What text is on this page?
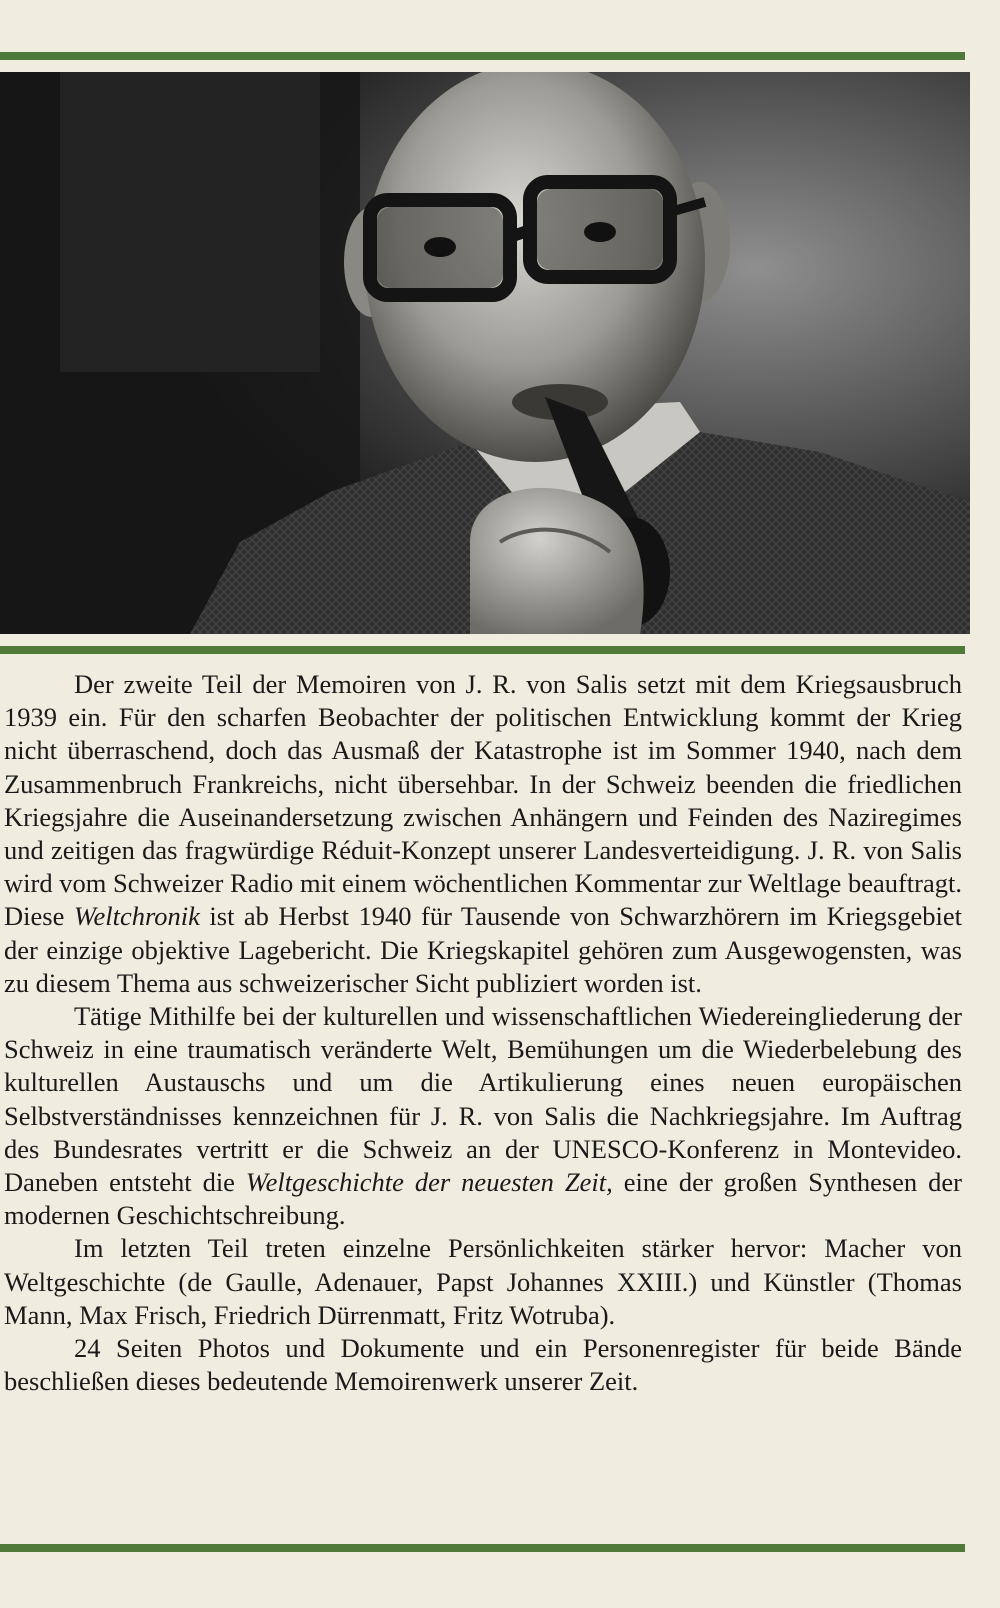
Der zweite Teil der Memoiren von J. R. von Salis setzt mit dem Kriegsausbruch 1939 ein. Für den scharfen Beobachter der politischen Entwicklung kommt der Krieg nicht überraschend, doch das Ausmaß der Katastrophe ist im Sommer 1940, nach dem Zusammenbruch Frankreichs, nicht übersehbar. In der Schweiz beenden die friedlichen Kriegsjahre die Auseinandersetzung zwischen Anhängern und Feinden des Naziregimes und zeitigen das fragwürdige Réduit-Konzept unserer Landesverteidigung. J. R. von Salis wird vom Schweizer Radio mit einem wöchentlichen Kommentar zur Weltlage beauftragt. Diese Weltchronik ist ab Herbst 1940 für Tausende von Schwarzhörern im Kriegsgebiet der einzige objektive Lagebericht. Die Kriegskapitel gehören zum Ausgewogensten, was zu diesem Thema aus schweizerischer Sicht publiziert worden ist.

Tätige Mithilfe bei der kulturellen und wissenschaftlichen Wiedereingliederung der Schweiz in eine traumatisch veränderte Welt, Bemühungen um die Wiederbelebung des kulturellen Austauschs und um die Artikulierung eines neuen europäischen Selbstverständnisses kennzeichnen für J. R. von Salis die Nachkriegsjahre. Im Auftrag des Bundesrates vertritt er die Schweiz an der UNESCO-Konferenz in Montevideo. Daneben entsteht die Weltgeschichte der neuesten Zeit, eine der großen Synthesen der modernen Geschichtschreibung.

Im letzten Teil treten einzelne Persönlichkeiten stärker hervor: Macher von Weltgeschichte (de Gaulle, Adenauer, Papst Johannes XXIII.) und Künstler (Thomas Mann, Max Frisch, Friedrich Dürrenmatt, Fritz Wotruba).

24 Seiten Photos und Dokumente und ein Personenregister für beide Bände beschließen dieses bedeutende Memoirenwerk unserer Zeit.
